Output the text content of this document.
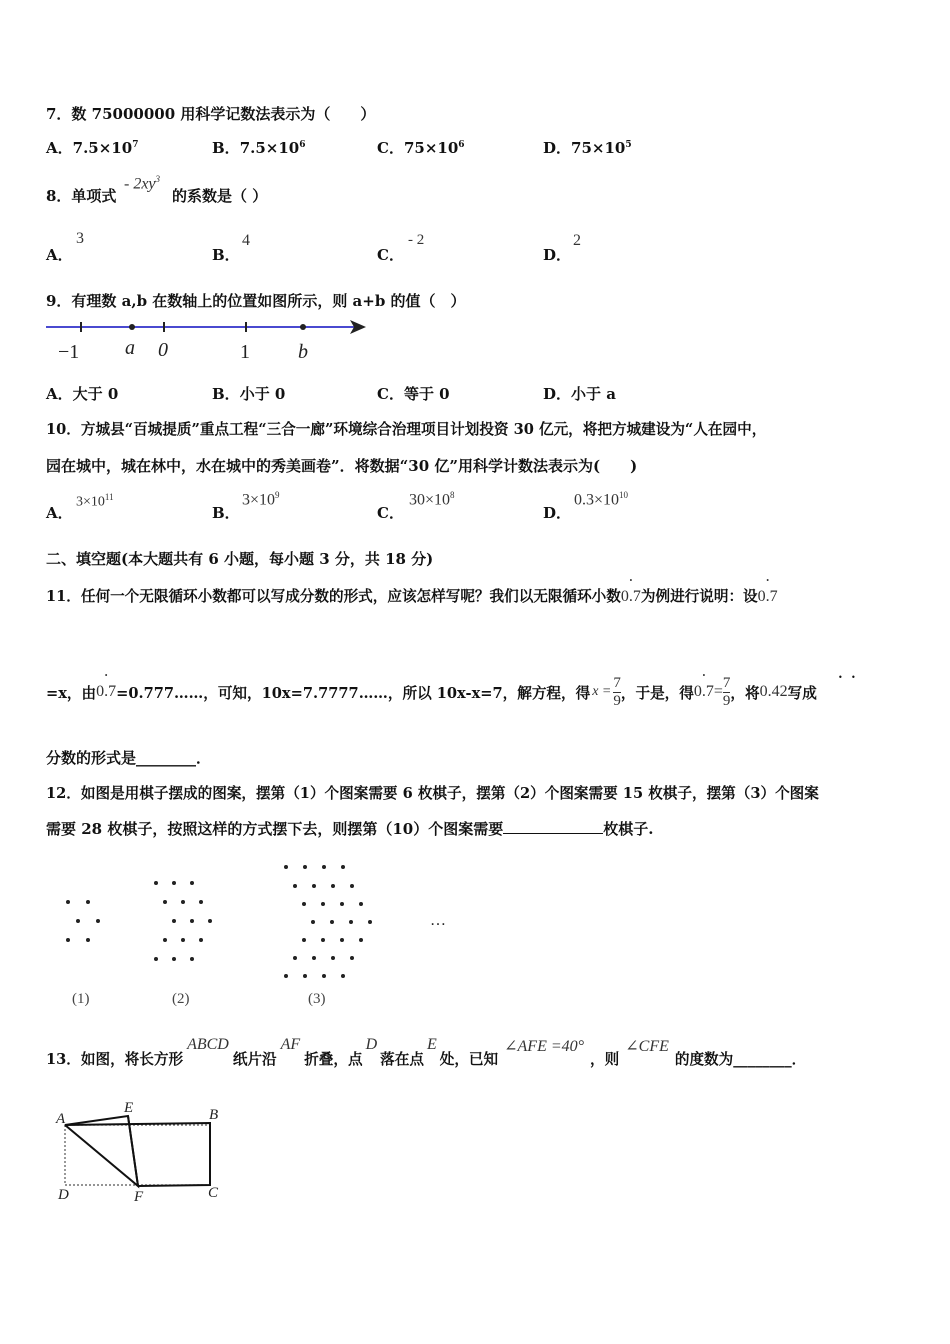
7．数 75000000 用科学记数法表示为（　　）
A．$7.5\times 10^7$	B．$7.5\times 10^6$	C．$75\times 10^6$	D．$75\times 10^5$
8．单项式
- $2xy^3$
的系数是（ ）
A．
3
B．
4
C．
- 2
D．
2
9．有理数 a,b 在数轴上的位置如图所示，则 a+b 的值（　）
−1 a 0	1 b
A．大于 0	B．小于 0	C．等于 0	D．小于 a
10．方城县“百城提质”重点工程“三合一廊”环境综合治理项目计划投资 30 亿元，将把方城建设为“人在园中，
园在城中，城在林中，水在城中的秀美画卷”．将数据“30 亿”用科学计数法表示为(　　)
A．
$3\times 10^{11}$
B．
$3\times 10^9$
C．
$30\times 10^8$
D．
$0.3\times 10^{10}$
二、填空题(本大题共有 6 小题，每小题 3 分，共 18 分)
11．任何一个无限循环小数都可以写成分数的形式，应该怎样写呢？我们以无限循环小数• 0.7为例进行说明：设• 0.7
=x，由 • 0.7 =0.777……，可知，10x=7.7777……，所以 10x-x=7，解方程，得 $x = \frac{7}{9}$ ，于是，得 • $0.7 = \frac{7}{9}$ ，将 0.42 写成
• •
分数的形式是________．
12．如图是用棋子摆成的图案，摆第（1）个图案需要 6 枚棋子，摆第（2）个图案需要 15 枚棋子，摆第（3）个图案
需要 28 枚棋子，按照这样的方式摆下去，则摆第（10）个图案需要	枚棋子.
…
(1)	(2)	(3)
13．如图，将长方形
ABCD
纸片沿
AF
折叠，点
D
落在点
E
处，已知
∠AFE =40°
，则
∠CFE
的度数为________．
A
E	B
D	F	C
